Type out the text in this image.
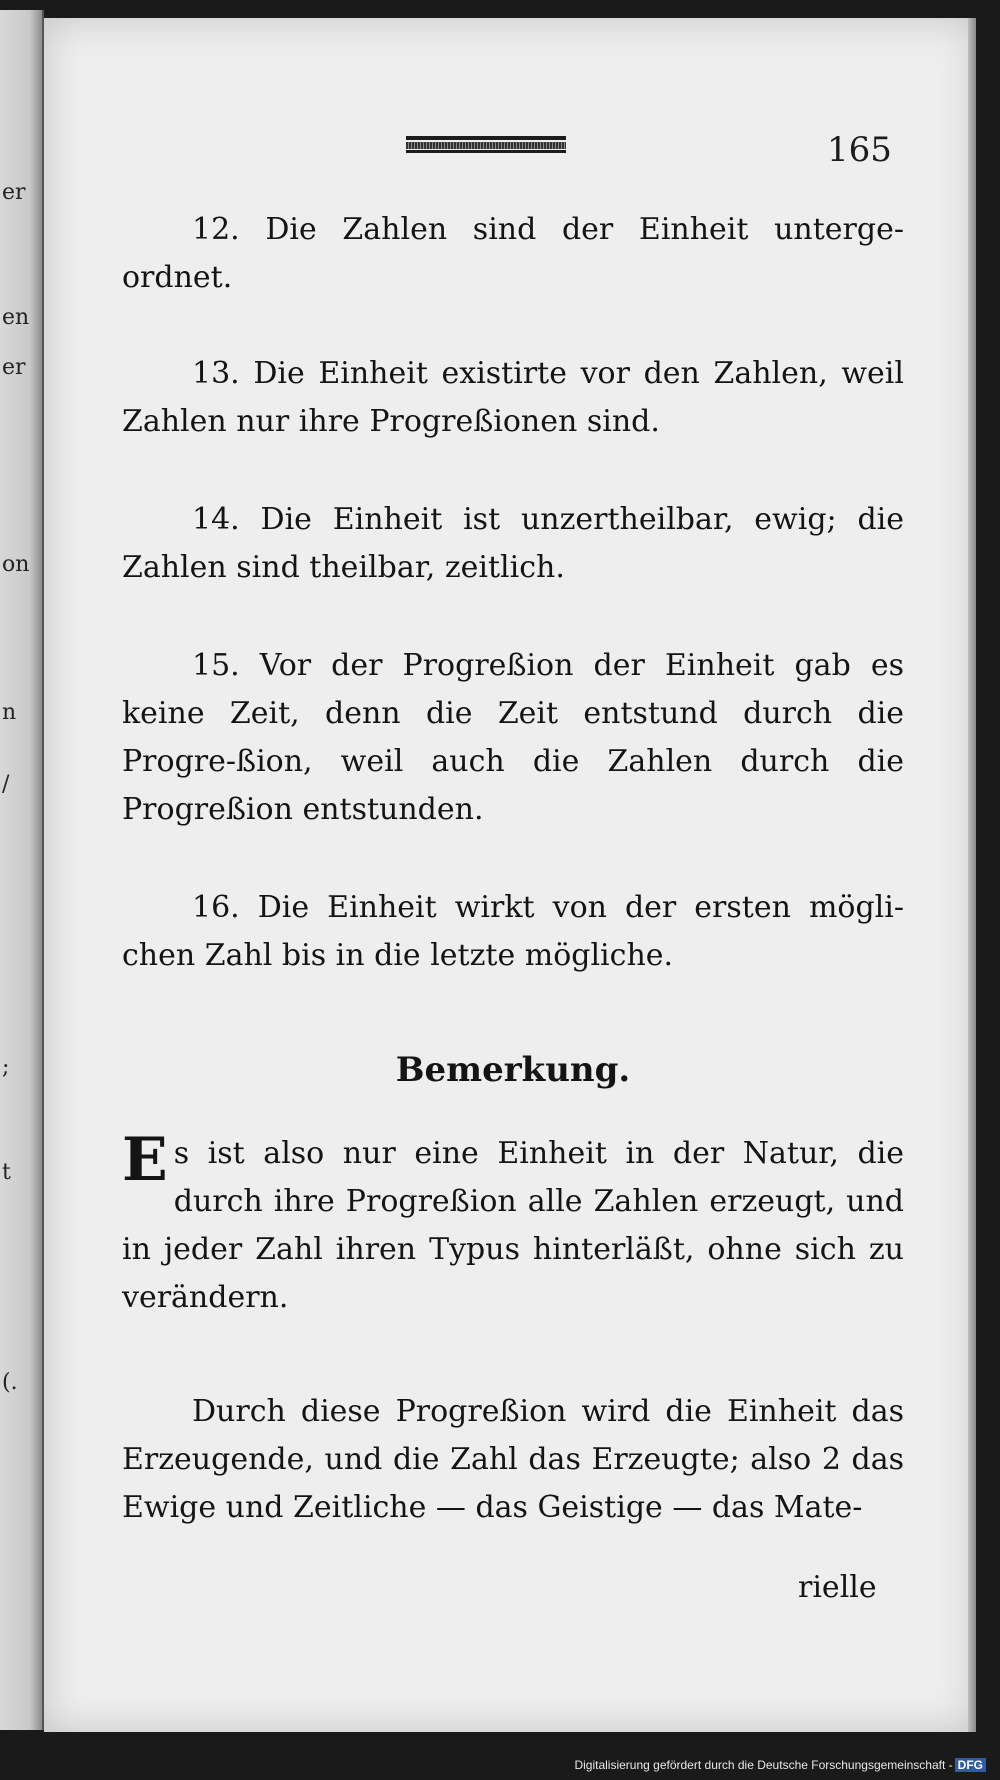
er
en
er
on
n
/
;
t
(.
165

12. Die Zahlen sind der Einheit unterge-ordnet.

13. Die Einheit existirte vor den Zahlen, weil Zahlen nur ihre Progreßionen sind.

14. Die Einheit ist unzertheilbar, ewig; die Zahlen sind theilbar, zeitlich.

15. Vor der Progreßion der Einheit gab es keine Zeit, denn die Zeit entstund durch die Progre-ßion, weil auch die Zahlen durch die Progreßion entstunden.

16. Die Einheit wirkt von der ersten mögli-chen Zahl bis in die letzte mögliche.

Bemerkung.

Es ist also nur eine Einheit in der Natur, die durch ihre Progreßion alle Zahlen erzeugt, und in jeder Zahl ihren Typus hinterläßt, ohne sich zu verändern.

Durch diese Progreßion wird die Einheit das Erzeugende, und die Zahl das Erzeugte; also 2 das Ewige und Zeitliche — das Geistige — das Mate-

rielle
Digitalisierung gefördert durch die Deutsche Forschungsgemeinschaft - DFG
